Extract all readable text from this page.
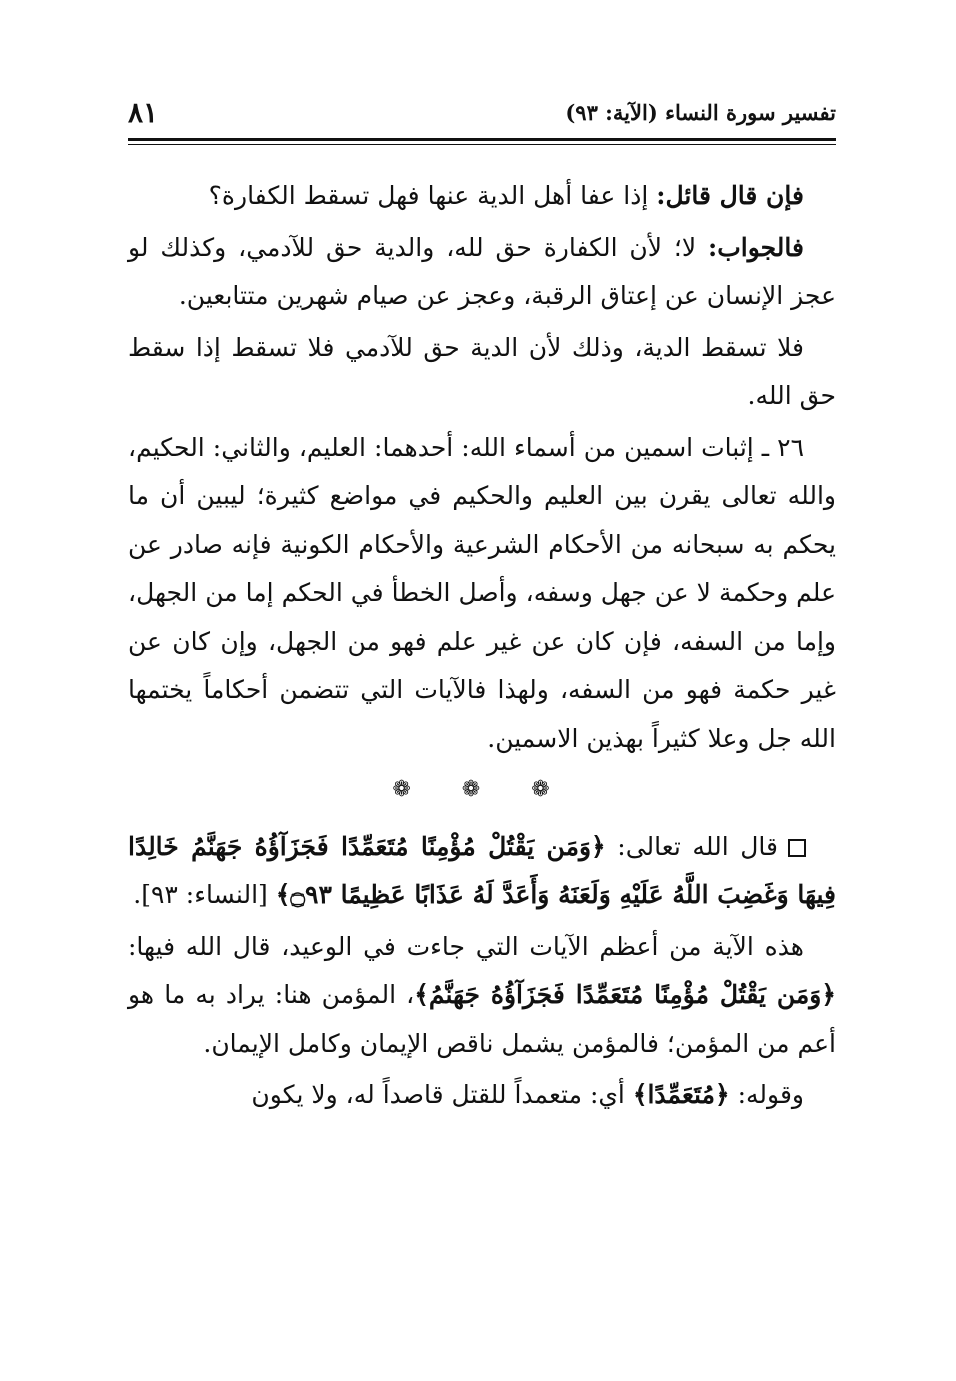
تفسير سورة النساء (الآية: ٩٣)
٨١

فإن قال قائل: إذا عفا أهل الدية عنها فهل تسقط الكفارة؟

فالجواب: لا؛ لأن الكفارة حق لله، والدية حق للآدمي، وكذلك لو عجز الإنسان عن إعتاق الرقبة، وعجز عن صيام شهرين متتابعين.

فلا تسقط الدية، وذلك لأن الدية حق للآدمي فلا تسقط إذا سقط حق الله.

٢٦ ـ إثبات اسمين من أسماء الله: أحدهما: العليم، والثاني: الحكيم، والله تعالى يقرن بين العليم والحكيم في مواضع كثيرة؛ ليبين أن ما يحكم به سبحانه من الأحكام الشرعية والأحكام الكونية فإنه صادر عن علم وحكمة لا عن جهل وسفه، وأصل الخطأ في الحكم إما من الجهل، وإما من السفه، فإن كان عن غير علم فهو من الجهل، وإن كان عن غير حكمة فهو من السفه، ولهذا فالآيات التي تتضمن أحكاماً يختمها الله جل وعلا كثيراً بهذين الاسمين.

❁ ❁ ❁

قال الله تعالى: ﴿وَمَن يَقْتُلْ مُؤْمِنًا مُتَعَمِّدًا فَجَزَآؤُهُ جَهَنَّمُ خَالِدًا فِيهَا وَغَضِبَ اللَّهُ عَلَيْهِ وَلَعَنَهُ وَأَعَدَّ لَهُ عَذَابًا عَظِيمًا ۝٩٣﴾ [النساء: ٩٣].

هذه الآية من أعظم الآيات التي جاءت في الوعيد، قال الله فيها: ﴿وَمَن يَقْتُلْ مُؤْمِنًا مُتَعَمِّدًا فَجَزَآؤُهُ جَهَنَّمُ﴾، المؤمن هنا: يراد به ما هو أعم من المؤمن؛ فالمؤمن يشمل ناقص الإيمان وكامل الإيمان.

وقوله: ﴿مُتَعَمِّدًا﴾ أي: متعمداً للقتل قاصداً له، ولا يكون
